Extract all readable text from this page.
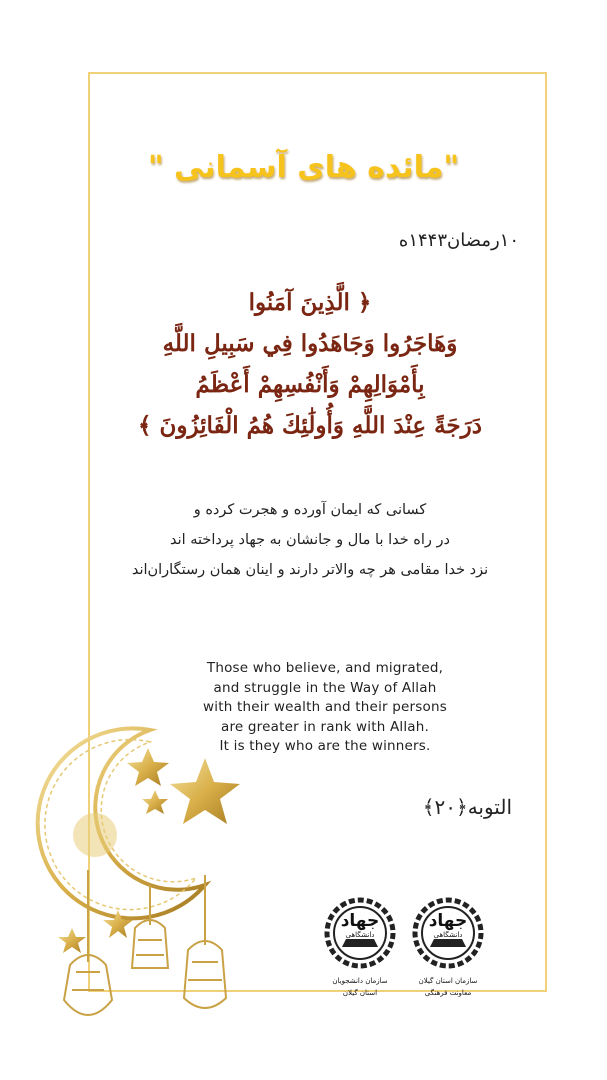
" مائده های آسمانی"
۱۰رمضان۱۴۴۳ه
﴿ الَّذِينَ آمَنُوا
وَهَاجَرُوا وَجَاهَدُوا فِي سَبِيلِ اللَّهِ
بِأَمْوَالِهِمْ وَأَنْفُسِهِمْ أَعْظَمُ
دَرَجَةً عِنْدَ اللَّهِ وَأُولَٰئِكَ هُمُ الْفَائِزُونَ ﴾
کسانی که ایمان آورده و هجرت کرده و
در راه خدا با مال و جانشان به جهاد پرداخته اند
نزد خدا مقامی هر چه والاتر دارند و اینان همان رستگاران‌اند
Those who believe, and migrated,
and struggle in the Way of Allah
with their wealth and their persons
are greater in rank with Allah.
It is they who are the winners.
التوبه﴿۲۰﴾
جهاد
دانشگاهی
سازمان دانشجویان
استان گیلان
جهاد
دانشگاهی
سازمان استان گیلان
معاونت فرهنگی
